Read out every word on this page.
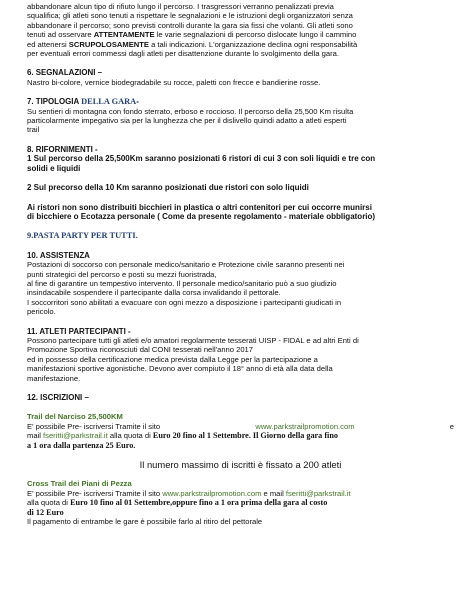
abbandonare alcun tipo di rifiuto lungo il percorso. I trasgressori verranno penalizzati previa

squalifica; gli atleti sono tenuti a rispettare le segnalazioni e le istruzioni degli organizzatori senza

abbandonare il percorso; sono previsti controlli durante la gara sia fissi che volanti. Gli atleti sono

tenuti ad osservare ATTENTAMENTE le varie segnalazioni di percorso dislocate lungo il cammino

ed attenersi SCRUPOLOSAMENTE a tali indicazioni. L'organizzazione declina ogni responsabilità

per eventuali errori commessi dagli atleti per disattenzione durante lo svolgimento della gara.

6. SEGNALAZIONI –

Nastro bi-colore, vernice biodegradabile su rocce, paletti con frecce e bandierine rosse.

7. TIPOLOGIA DELLA GARA-

Su sentieri di montagna con fondo sterrato, erboso e roccioso. Il percorso della 25,500 Km risulta

particolarmente impegativo sia per la lunghezza che per il dislivello quindi adatto a atleti esperti

trail

8. RIFORNIMENTI -

1 Sul percorso della 25,500Km saranno posizionati 6 ristori di cui 3 con soli liquidi e tre con

solidi e liquidi

2 Sul precorso della 10 Km saranno posizionati due ristori con solo liquidi

Ai ristori non sono distribuiti bicchieri in plastica o altri contenitori per cui occorre munirsi

di bicchiere o Ecotazza personale ( Come da presente regolamento - materiale obbligatorio)

9.PASTA PARTY PER TUTTI.

10. ASSISTENZA

Postazioni di soccorso con personale medico/sanitario e Protezione civile saranno presenti nei

punti strategici del percorso e posti su mezzi fuoristrada,

al fine di garantire un tempestivo intervento. Il personale medico/sanitario può a suo giudizio

insindacabile sospendere il partecipante dalla corsa invalidando il pettorale.

I soccorritori sono abilitati a evacuare con ogni mezzo a disposizione i partecipanti giudicati in

pericolo.

11. ATLETI PARTECIPANTI -

Possono partecipare tutti gli atleti e/o amatori regolarmente tesserati UISP - FIDAL e ad altri Enti di

Promozione Sportiva riconosciuti dal CONI tesserati nell'anno 2017

ed in possesso della certificazione medica prevista dalla Legge per la partecipazione a

manifestazioni sportive agonistiche. Devono aver compiuto il 18° anno di età alla data della

manifestazione.

12. ISCRIZIONI –

Trail del Narciso 25,500KM

E' possibile Pre- iscriversi Tramite il sito	www.parkstrailpromotion.com	e

mail fseritti@parkstrail.it alla quota di Euro 20 fino al 1 Settembre. Il Giorno della gara fino

a 1 ora dalla partenza 25 Euro.

Il numero massimo di iscritti è fissato a 200 atleti

Cross Trail dei Piani di Pezza

E' possibile Pre- iscriversi Tramite il sito www.parkstrailpromotion.com e mail fseritti@parkstrail.it

alla quota di Euro 10 fino al 01 Settembre,oppure fino a 1 ora prima della gara al costo

di 12 Euro

Il pagamento di entrambe le gare è possibile farlo al ritiro del pettorale
